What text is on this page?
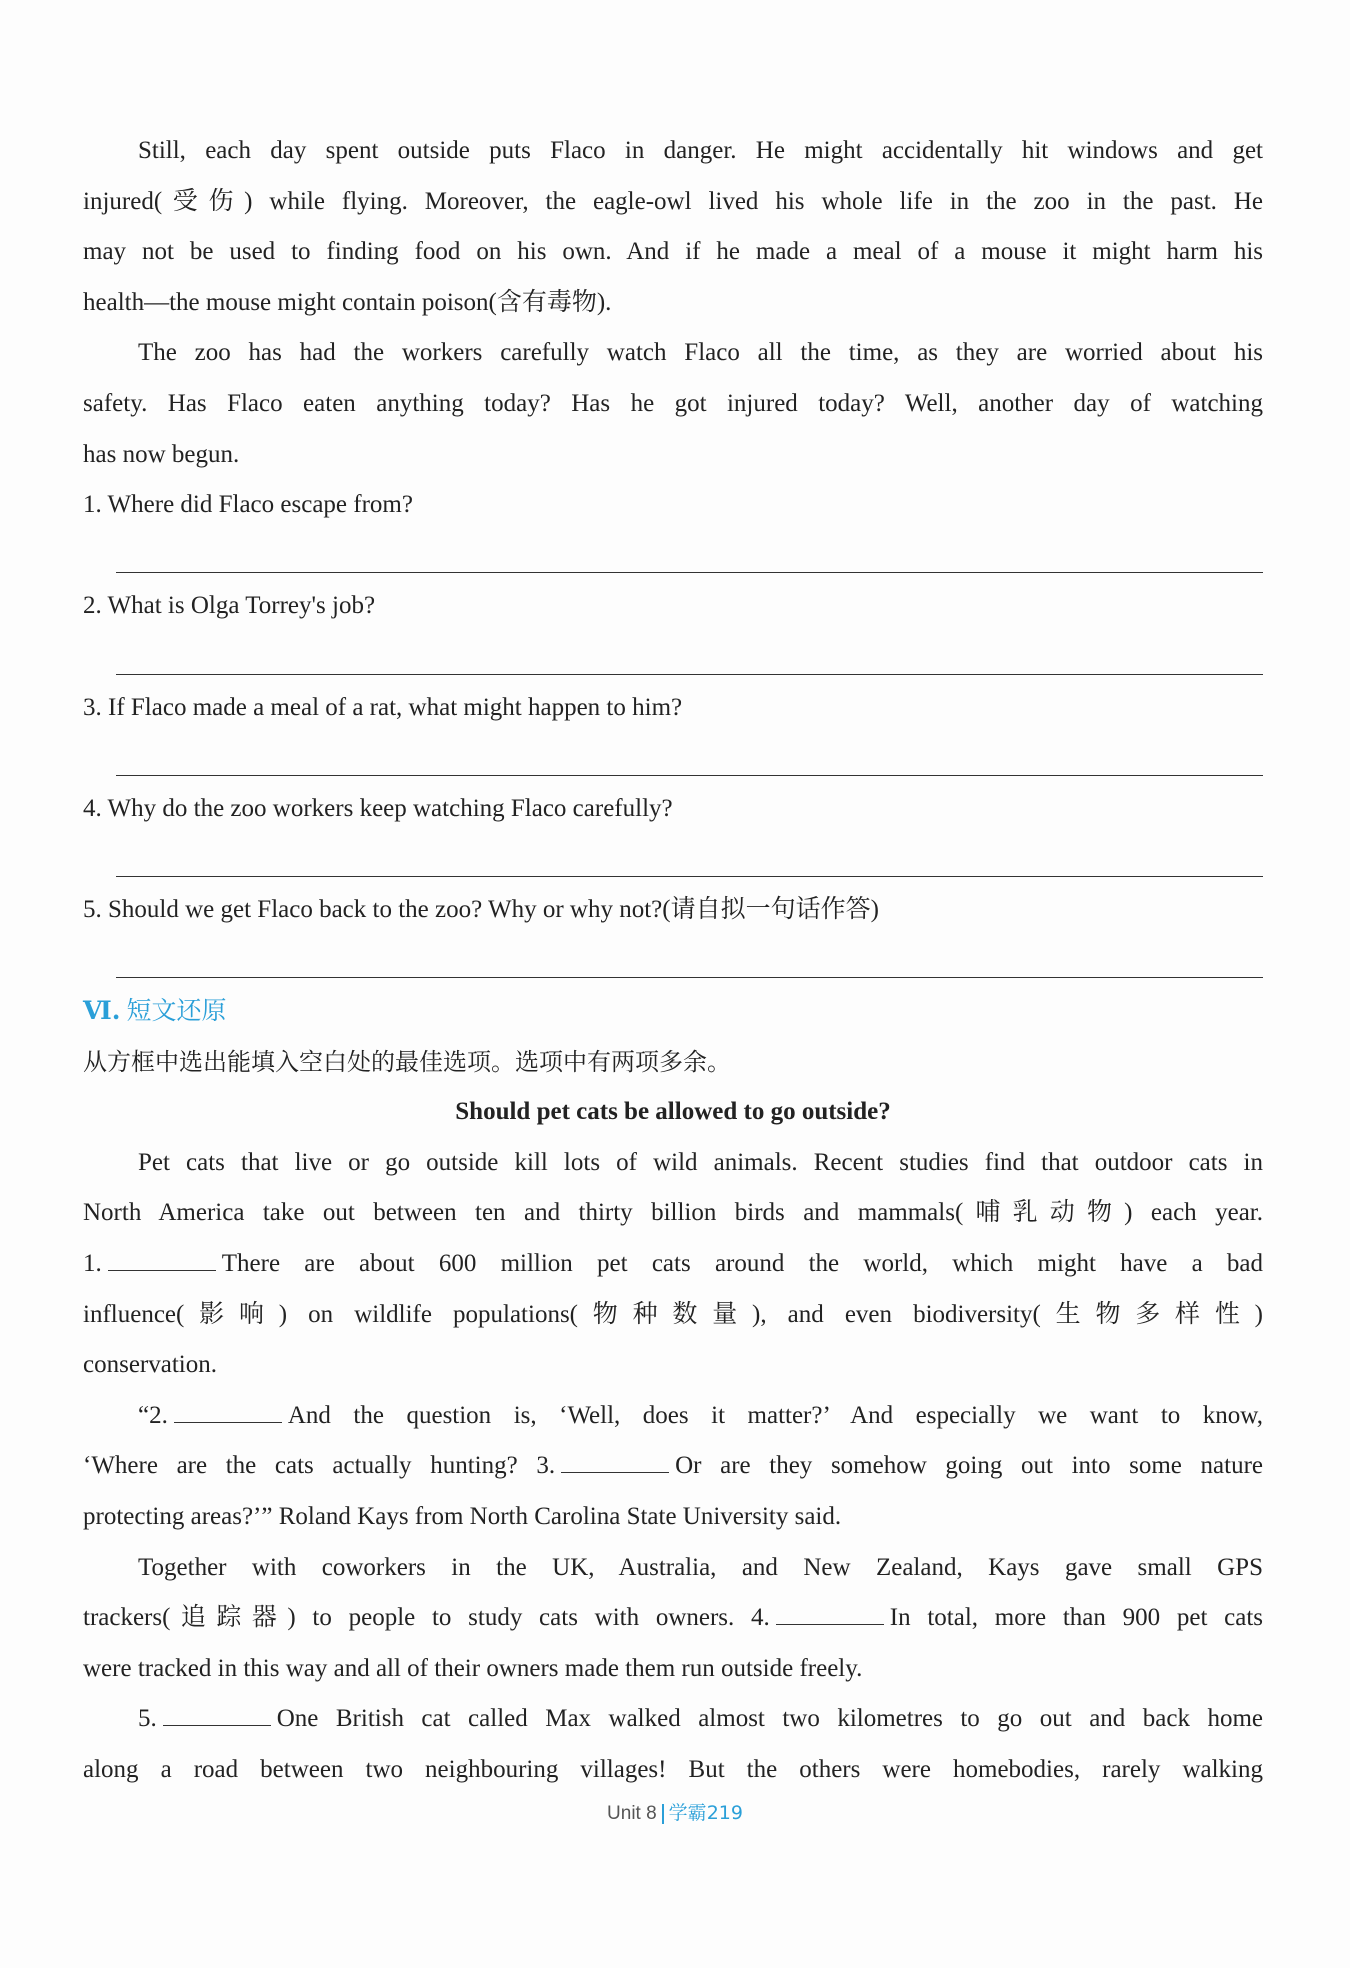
Still, each day spent outside puts Flaco in danger. He might accidentally hit windows and get
injured(受伤) while flying. Moreover, the eagle-owl lived his whole life in the zoo in the past. He
may not be used to finding food on his own. And if he made a meal of a mouse it might harm his
health—the mouse might contain poison(含有毒物).
The zoo has had the workers carefully watch Flaco all the time, as they are worried about his
safety. Has Flaco eaten anything today? Has he got injured today? Well, another day of watching
has now begun.
1. Where did Flaco escape from?
2. What is Olga Torrey's job?
3. If Flaco made a meal of a rat, what might happen to him?
4. Why do the zoo workers keep watching Flaco carefully?
5. Should we get Flaco back to the zoo? Why or why not?(请自拟一句话作答)
Ⅵ. 短文还原
从方框中选出能填入空白处的最佳选项。选项中有两项多余。
Should pet cats be allowed to go outside?
Pet cats that live or go outside kill lots of wild animals. Recent studies find that outdoor cats in
North America take out between ten and thirty billion birds and mammals(哺乳动物) each year.
1.	There are about 600 million pet cats around the world, which might have a bad
influence(影响) on wildlife populations(物种数量), and even biodiversity(生物多样性)
conservation.
“2.	And the question is, ‘Well, does it matter?’ And especially we want to know,
‘Where are the cats actually hunting? 3.	Or are they somehow going out into some nature
protecting areas?’” Roland Kays from North Carolina State University said.
Together with coworkers in the UK, Australia, and New Zealand, Kays gave small GPS
trackers(追踪器) to people to study cats with owners. 4.	In total, more than 900 pet cats
were tracked in this way and all of their owners made them run outside freely.
5.	One British cat called Max walked almost two kilometres to go out and back home
along a road between two neighbouring villages! But the others were homebodies, rarely walking
Unit 8 学霸219
